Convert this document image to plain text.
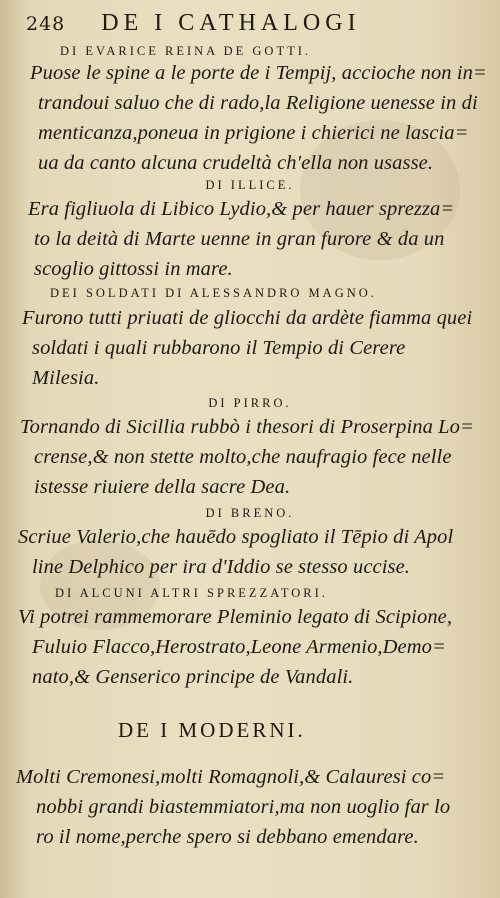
248 DE I CATHALOGI
DI EVARICE REINA DE GOTTI.
Puose le spine a le porte de i Tempij, accioche non in=
trandoui saluo che di rado,la Religione uenesse in di
menticanza,poneua in prigione i chierici ne lascia=
ua da canto alcuna crudeltà ch'ella non usasse.
DI ILLICE.
Era figliuola di Libico Lydio,& per hauer sprezza=
to la deità di Marte uenne in gran furore & da un
scoglio gittossi in mare.
DEI SOLDATI DI ALESSANDRO MAGNO.
Furono tutti priuati de gliocchi da ardète fiamma quei
soldati i quali rubbarono il Tempio di Cerere
Milesia.
DI PIRRO.
Tornando di Sicillia rubbò i thesori di Proserpina Lo=
crense,& non stette molto,che naufragio fece nelle
istesse riuiere della sacre Dea.
DI BRENO.
Scriue Valerio,che hauēdo spogliato il Tēpio di Apol
line Delphico per ira d'Iddio se stesso uccise.
DI ALCUNI ALTRI SPREZZATORI.
Vi potrei rammemorare Pleminio legato di Scipione,
Fuluio Flacco,Herostrato,Leone Armenio,Demo=
nato,& Genserico principe de Vandali.
DE I MODERNI.
Molti Cremonesi,molti Romagnoli,& Calauresi co=
nobbi grandi biastemmiatori,ma non uoglio far lo
ro il nome,perche spero si debbano emendare.
